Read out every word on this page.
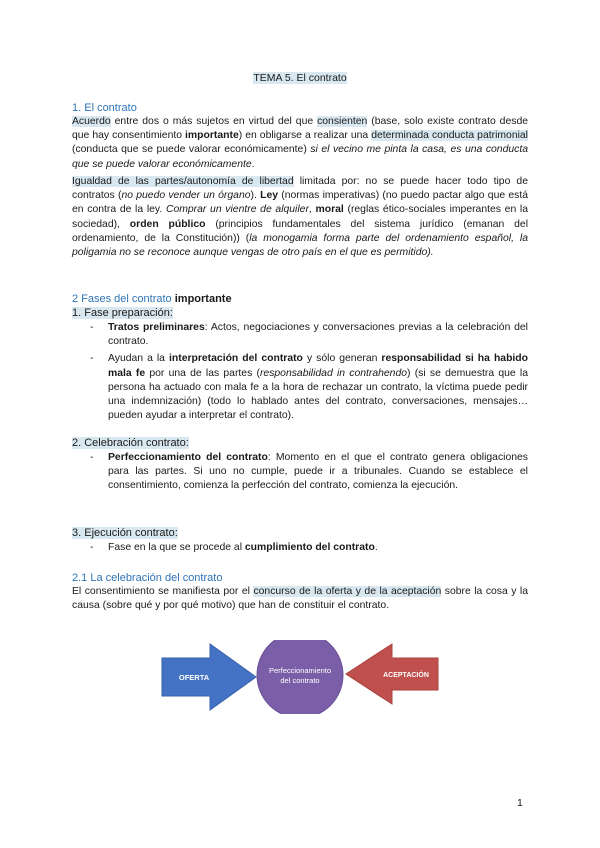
TEMA 5. El contrato
1. El contrato
Acuerdo entre dos o más sujetos en virtud del que consienten (base, solo existe contrato desde que hay consentimiento importante) en obligarse a realizar una determinada conducta patrimonial (conducta que se puede valorar económicamente) si el vecino me pinta la casa, es una conducta que se puede valorar económicamente.
Igualdad de las partes/autonomía de libertad limitada por: no se puede hacer todo tipo de contratos (no puedo vender un órgano). Ley (normas imperativas) (no puedo pactar algo que está en contra de la ley. Comprar un vientre de alquiler, moral (reglas ético-sociales imperantes en la sociedad), orden público (principios fundamentales del sistema jurídico (emanan del ordenamiento, de la Constitución)) (la monogamia forma parte del ordenamiento español, la poligamia no se reconoce aunque vengas de otro país en el que es permitido).
2 Fases del contrato importante
1. Fase preparación:
- Tratos preliminares: Actos, negociaciones y conversaciones previas a la celebración del contrato.
- Ayudan a la interpretación del contrato y sólo generan responsabilidad si ha habido mala fe por una de las partes (responsabilidad in contrahendo) (si se demuestra que la persona ha actuado con mala fe a la hora de rechazar un contrato, la víctima puede pedir una indemnización) (todo lo hablado antes del contrato, conversaciones, mensajes… pueden ayudar a interpretar el contrato).
2. Celebración contrato:
- Perfeccionamiento del contrato: Momento en el que el contrato genera obligaciones para las partes. Si uno no cumple, puede ir a tribunales. Cuando se establece el consentimiento, comienza la perfección del contrato, comienza la ejecución.
3. Ejecución contrato:
- Fase en la que se procede al cumplimiento del contrato.
2.1 La celebración del contrato
El consentimiento se manifiesta por el concurso de la oferta y de la aceptación sobre la cosa y la causa (sobre qué y por qué motivo) que han de constituir el contrato.
OFERTA
Perfeccionamiento
del contrato
ACEPTACIÓN
1
